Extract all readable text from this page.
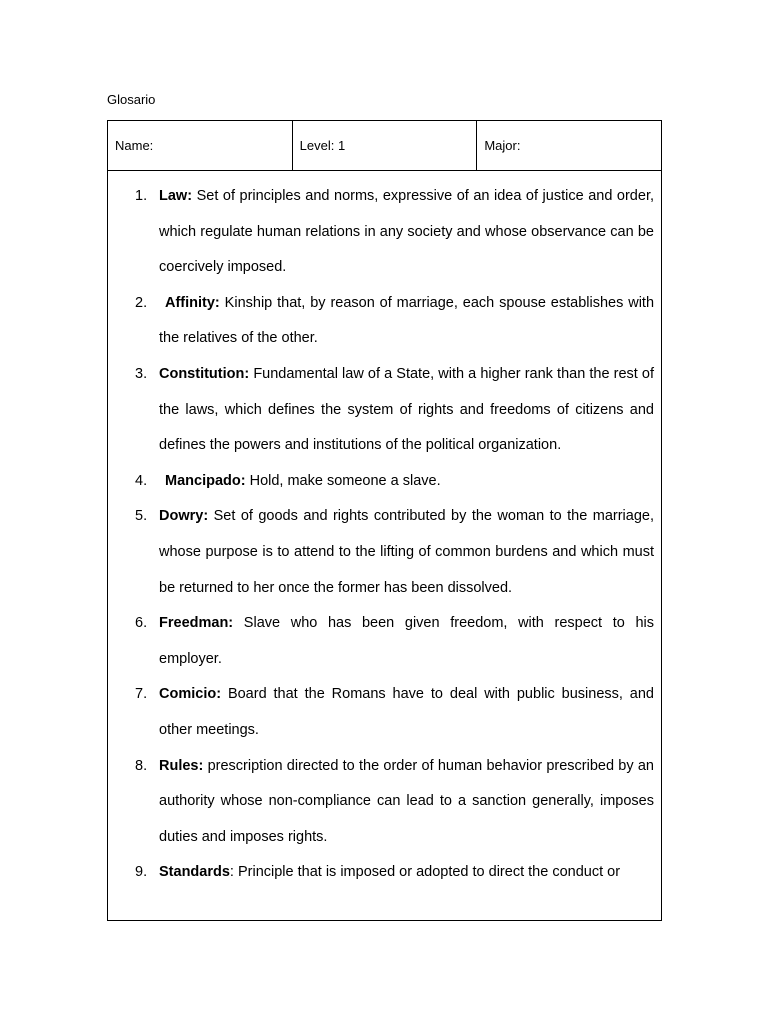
Glosario
Name:	Level: 1	Major:
1. Law: Set of principles and norms, expressive of an idea of justice and order, which regulate human relations in any society and whose observance can be coercively imposed.
2. Affinity: Kinship that, by reason of marriage, each spouse establishes with the relatives of the other.
3. Constitution: Fundamental law of a State, with a higher rank than the rest of the laws, which defines the system of rights and freedoms of citizens and defines the powers and institutions of the political organization.
4. Mancipado: Hold, make someone a slave.
5. Dowry: Set of goods and rights contributed by the woman to the marriage, whose purpose is to attend to the lifting of common burdens and which must be returned to her once the former has been dissolved.
6. Freedman: Slave who has been given freedom, with respect to his employer.
7. Comicio: Board that the Romans have to deal with public business, and other meetings.
8. Rules: prescription directed to the order of human behavior prescribed by an authority whose non-compliance can lead to a sanction generally, imposes duties and imposes rights.
9. Standards: Principle that is imposed or adopted to direct the conduct or
